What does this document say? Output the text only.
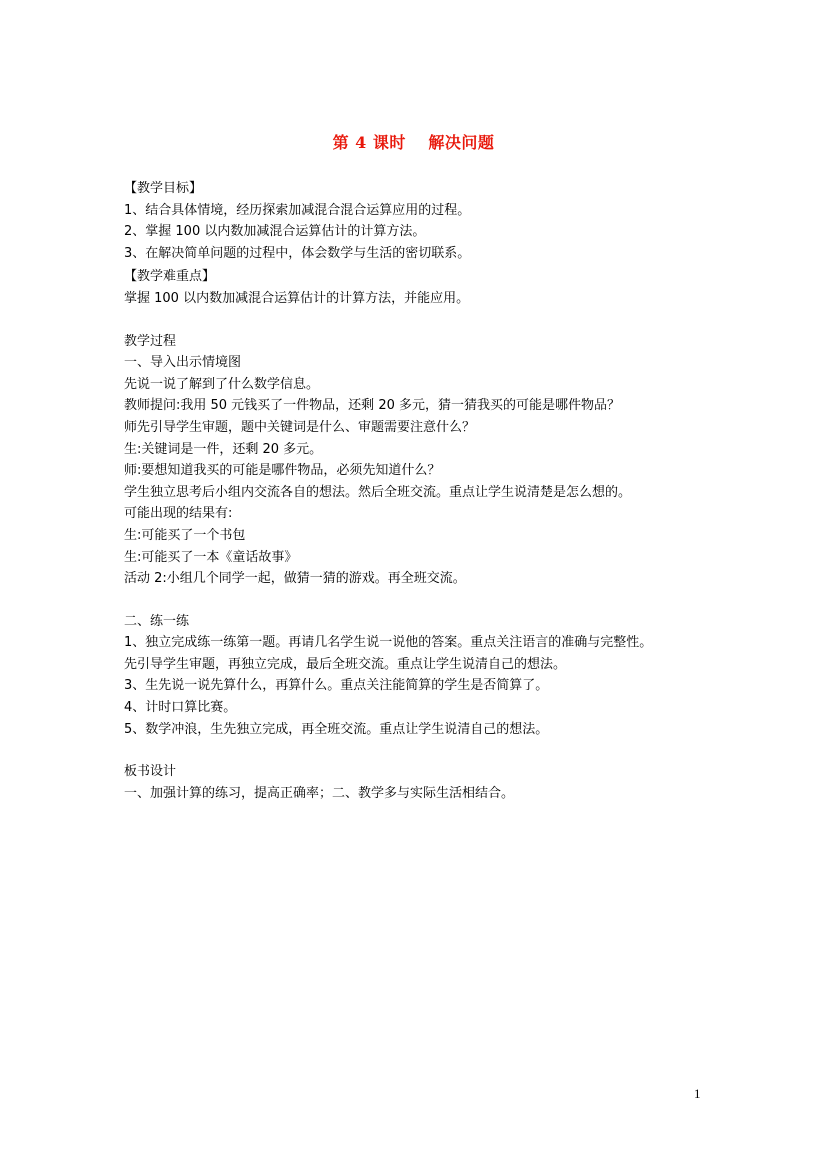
第 4 课时　 解决问题
【教学目标】
1、结合具体情境，经历探索加减混合混合运算应用的过程。
2、掌握 100 以内数加减混合运算估计的计算方法。
3、在解决简单问题的过程中，体会数学与生活的密切联系。
【教学难重点】
掌握 100 以内数加减混合运算估计的计算方法，并能应用。
教学过程
一、导入出示情境图
先说一说了解到了什么数学信息。
教师提问:我用 50 元钱买了一件物品，还剩 20 多元，猜一猜我买的可能是哪件物品？
师先引导学生审题，题中关键词是什么、审题需要注意什么？
生:关键词是一件，还剩 20 多元。
师:要想知道我买的可能是哪件物品，必须先知道什么？
学生独立思考后小组内交流各自的想法。然后全班交流。重点让学生说清楚是怎么想的。
可能出现的结果有:
生:可能买了一个书包
生:可能买了一本《童话故事》
活动 2:小组几个同学一起，做猜一猜的游戏。再全班交流。
二、练一练
1、独立完成练一练第一题。再请几名学生说一说他的答案。重点关注语言的准确与完整性。
先引导学生审题，再独立完成，最后全班交流。重点让学生说清自己的想法。
3、生先说一说先算什么，再算什么。重点关注能简算的学生是否简算了。
4、计时口算比赛。
5、数学冲浪，生先独立完成，再全班交流。重点让学生说清自己的想法。
板书设计
一、加强计算的练习，提高正确率；二、教学多与实际生活相结合。
1
